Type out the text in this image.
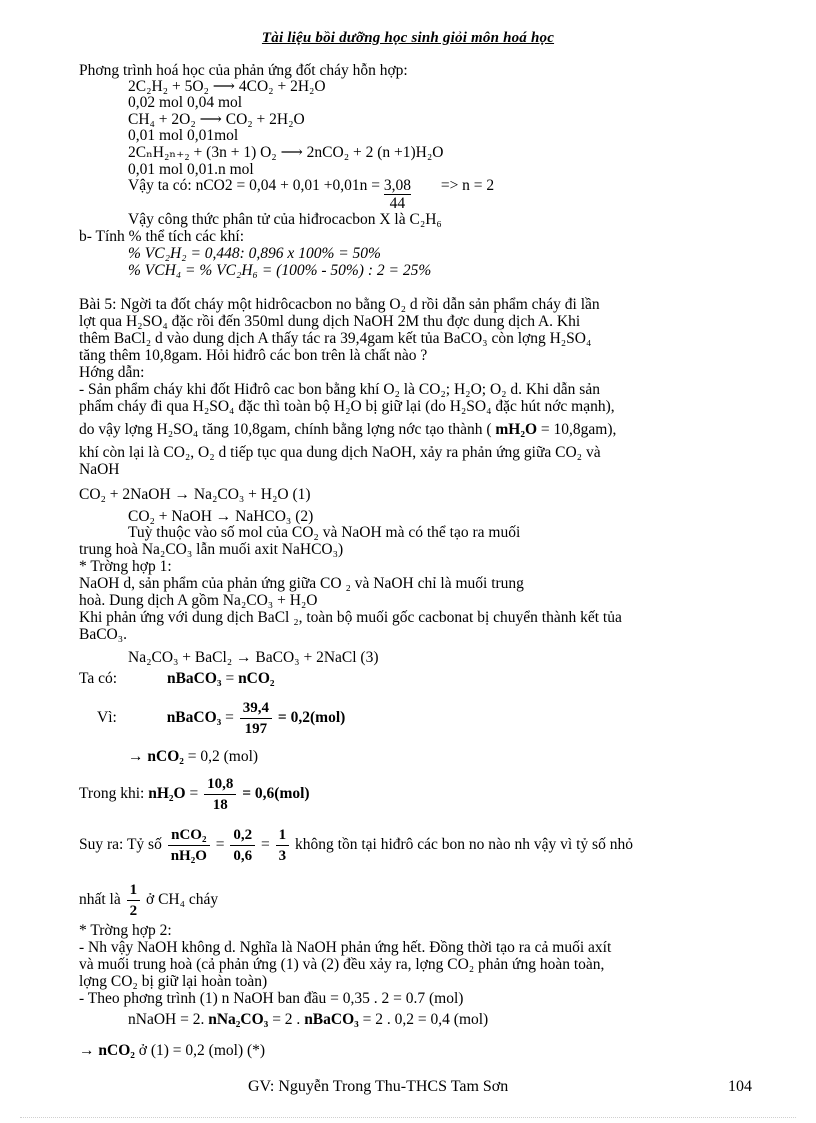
Tài liệu bồi dưỡng học sinh giỏi môn hoá học
Phơng trình hoá học của phản ứng đốt cháy hỗn hợp:
2C₂H₂ + 5O₂ ⟶ 4CO₂ + 2H₂O
0,02 mol 0,04 mol
CH₄ + 2O₂ ⟶ CO₂ + 2H₂O
0,01 mol 0,01mol
2CₙH₂ₙ₊₂ + (3n + 1) O₂ ⟶ 2nCO₂ + 2 (n +1)H₂O
0,01 mol 0,01.n mol
Vậy ta có: $nCO2 = 0,04 + 0,01 +0,01n = \frac{3,08}{44} => n = 2$
Vậy công thức phân tử của hiđrocacbon X là C₂H₆
b- Tính % thể tích các khí:
% VC₂H₂ = 0,448: 0,896 x 100% = 50%
% VCH₄ = % VC₂H₆ = (100% - 50%) : 2 = 25%
Bài 5: Ngời ta đốt cháy một hidrôcacbon no bằng O₂ d rồi dẫn sản phẩm cháy đi lần
lợt qua H₂SO₄ đặc rồi đến 350ml dung dịch NaOH 2M thu đợc dung dịch A. Khi
thêm BaCl₂ d vào dung dịch A thấy tác ra 39,4gam kết tủa BaCO₃ còn lợng H₂SO₄
tăng thêm 10,8gam. Hỏi hiđrô các bon trên là chất nào ?
Hớng dẫn:
- Sản phẩm cháy khi đốt Hiđrô cac bon bằng khí O₂ là CO₂; H₂O; O₂ d. Khi dẫn sản
phẩm cháy đi qua H₂SO₄ đặc thì toàn bộ H₂O bị giữ lại (do H₂SO₄ đặc hút nớc mạnh),
do vậy lợng H₂SO₄ tăng 10,8gam, chính bằng lợng nớc tạo thành ( mH₂O = 10,8gam),
khí còn lại là CO₂, O₂ d tiếp tục qua dung dịch NaOH, xảy ra phản ứng giữa CO₂ và
NaOH
CO₂ + 2NaOH → Na₂CO₃ + H₂O (1)
CO₂ + NaOH → NaHCO₃ (2)
Tuỳ thuộc vào số mol của CO₂ và NaOH mà có thể tạo ra muối
trung hoà Na₂CO₃ lẫn muối axit NaHCO₃)
* Trờng hợp 1:
NaOH d, sản phẩm của phản ứng giữa CO ₂ và NaOH chỉ là muối trung
hoà. Dung dịch A gồm Na₂CO₃ + H₂O
Khi phản ứng với dung dịch BaCl ₂, toàn bộ muối gốc cacbonat bị chuyển thành kết tủa
BaCO₃.
Na₂CO₃ + BaCl₂ → BaCO₃ + 2NaCl (3)
Ta có:	nBaCO₃ = nCO₂
Vì:	nBaCO₃ = $\frac{39,4}{197} = 0,2(mol)$
→ nCO₂ = 0,2 (mol)
Trong khi: $nH_2O = \frac{10,8}{18} = 0,6(mol)$
Suy ra: Tỷ số $\frac{\text{nCO₂}}{\text{nH₂O}} = \frac{0,2}{0,6} = \frac{1}{3}$ không tồn tại hiđrô các bon no nào nh vậy vì tỷ số nhỏ
nhất là $\frac{1}{2}$ ở CH₄ cháy
* Trờng hợp 2:
- Nh vậy NaOH không d. Nghĩa là NaOH phản ứng hết. Đồng thời tạo ra cả muối axít
và muối trung hoà (cả phản ứng (1) và (2) đều xảy ra, lợng CO₂ phản ứng hoàn toàn,
lợng CO₂ bị giữ lại hoàn toàn)
- Theo phơng trình (1) n NaOH ban đầu = 0,35 . 2 = 0.7 (mol)
nNaOH = 2. nNa₂CO₃ = 2 . nBaCO₃ = 2 . 0,2 = 0,4 (mol)
→ nCO₂ ở (1) = 0,2 (mol) (*)
GV: Nguyễn Trong Thu-THCS Tam Sơn	104
